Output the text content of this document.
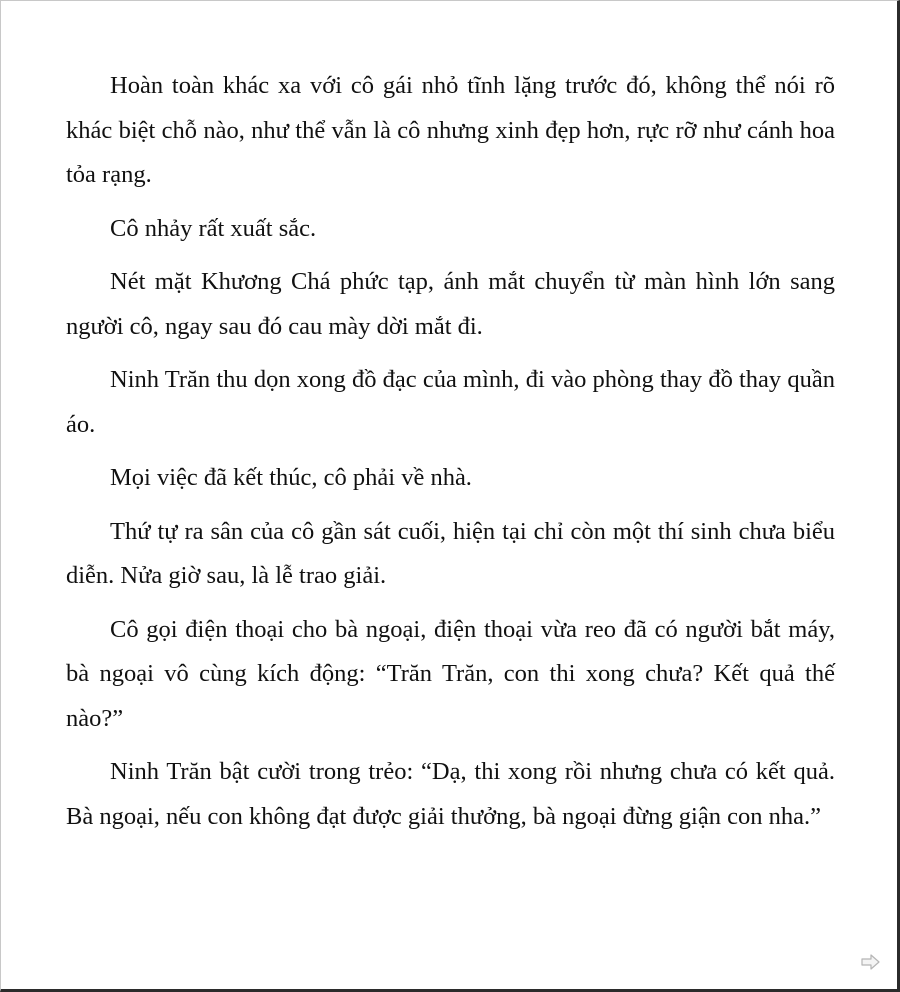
Hoàn toàn khác xa với cô gái nhỏ tĩnh lặng trước đó, không thể nói rõ khác biệt chỗ nào, như thể vẫn là cô nhưng xinh đẹp hơn, rực rỡ như cánh hoa tỏa rạng.

Cô nhảy rất xuất sắc.

Nét mặt Khương Chá phức tạp, ánh mắt chuyển từ màn hình lớn sang người cô, ngay sau đó cau mày dời mắt đi.

Ninh Trăn thu dọn xong đồ đạc của mình, đi vào phòng thay đồ thay quần áo.

Mọi việc đã kết thúc, cô phải về nhà.

Thứ tự ra sân của cô gần sát cuối, hiện tại chỉ còn một thí sinh chưa biểu diễn. Nửa giờ sau, là lễ trao giải.

Cô gọi điện thoại cho bà ngoại, điện thoại vừa reo đã có người bắt máy, bà ngoại vô cùng kích động: “Trăn Trăn, con thi xong chưa? Kết quả thế nào?”

Ninh Trăn bật cười trong trẻo: “Dạ, thi xong rồi nhưng chưa có kết quả. Bà ngoại, nếu con không đạt được giải thưởng, bà ngoại đừng giận con nha.”
